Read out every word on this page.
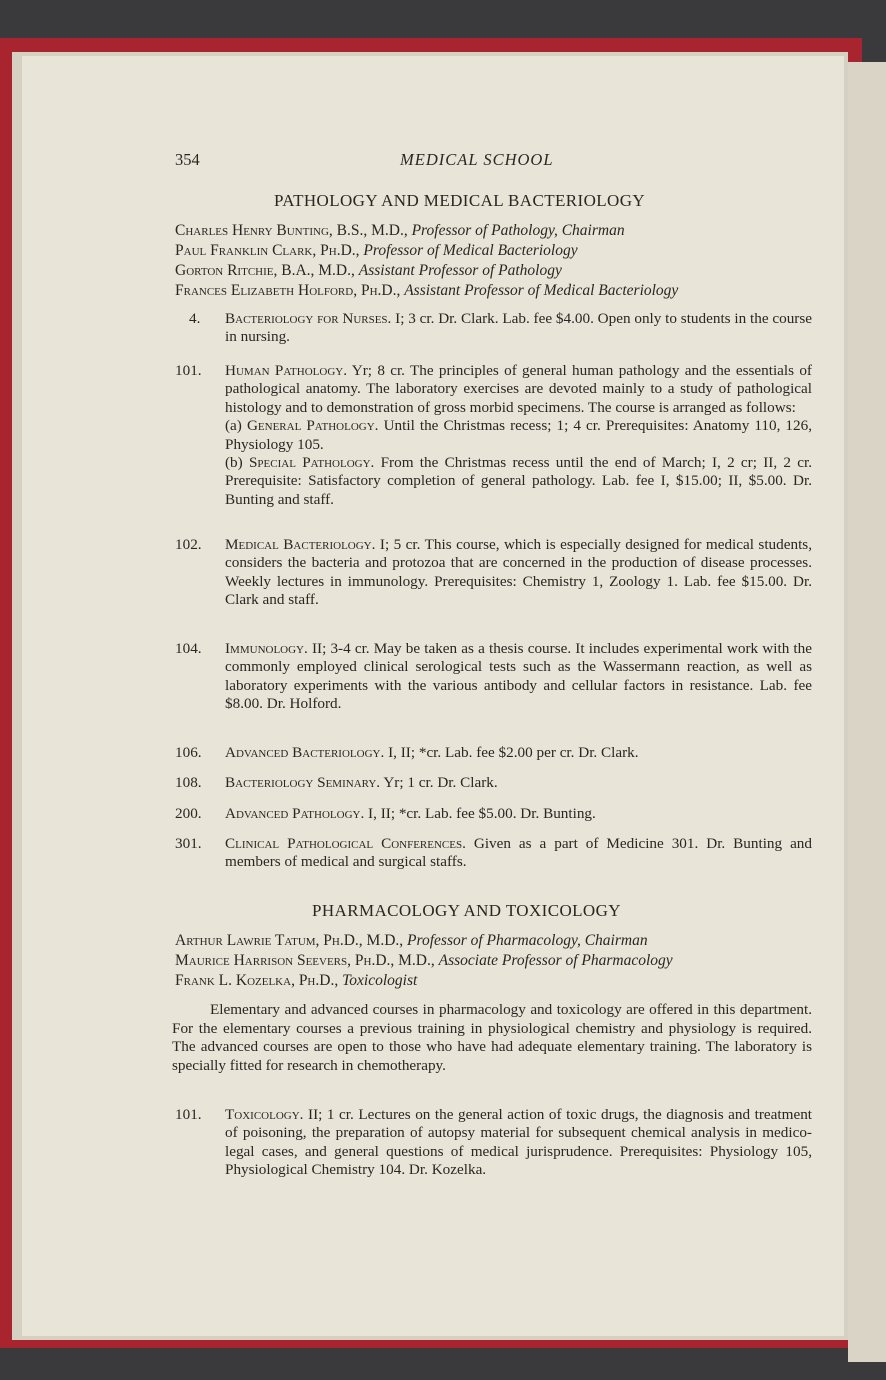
354	MEDICAL SCHOOL
PATHOLOGY AND MEDICAL BACTERIOLOGY
Charles Henry Bunting, B.S., M.D., Professor of Pathology, Chairman
Paul Franklin Clark, Ph.D., Professor of Medical Bacteriology
Gorton Ritchie, B.A., M.D., Assistant Professor of Pathology
Frances Elizabeth Holford, Ph.D., Assistant Professor of Medical Bacteriology
4. Bacteriology for Nurses. I; 3 cr. Dr. Clark. Lab. fee $4.00. Open only to students in the course in nursing.
101. Human Pathology. Yr; 8 cr. The principles of general human pathology and the essentials of pathological anatomy. The laboratory exercises are devoted mainly to a study of pathological histology and to demonstration of gross morbid specimens. The course is arranged as follows:

(a) General Pathology. Until the Christmas recess; 1; 4 cr. Prerequisites: Anatomy 110, 126, Physiology 105.

(b) Special Pathology. From the Christmas recess until the end of March; I, 2 cr; II, 2 cr. Prerequisite: Satisfactory completion of general pathology. Lab. fee I, $15.00; II, $5.00. Dr. Bunting and staff.

102. Medical Bacteriology. I; 5 cr. This course, which is especially designed for medical students, considers the bacteria and protozoa that are concerned in the production of disease processes. Weekly lectures in immunology. Prerequisites: Chemistry 1, Zoology 1. Lab. fee $15.00. Dr. Clark and staff.
104. Immunology. II; 3-4 cr. May be taken as a thesis course. It includes experimental work with the commonly employed clinical serological tests such as the Wassermann reaction, as well as laboratory experiments with the various antibody and cellular factors in resistance. Lab. fee $8.00. Dr. Holford.
106. Advanced Bacteriology. I, II; *cr. Lab. fee $2.00 per cr. Dr. Clark.
108. Bacteriology Seminary. Yr; 1 cr. Dr. Clark.
200. Advanced Pathology. I, II; *cr. Lab. fee $5.00. Dr. Bunting.
301. Clinical Pathological Conferences. Given as a part of Medicine 301. Dr. Bunting and members of medical and surgical staffs.
PHARMACOLOGY AND TOXICOLOGY
Arthur Lawrie Tatum, Ph.D., M.D., Professor of Pharmacology, Chairman
Maurice Harrison Seevers, Ph.D., M.D., Associate Professor of Pharmacology
Frank L. Kozelka, Ph.D., Toxicologist
Elementary and advanced courses in pharmacology and toxicology are offered in this department. For the elementary courses a previous training in physiological chemistry and physiology is required. The advanced courses are open to those who have had adequate elementary training. The laboratory is specially fitted for research in chemotherapy.
101. Toxicology. II; 1 cr. Lectures on the general action of toxic drugs, the diagnosis and treatment of poisoning, the preparation of autopsy material for subsequent chemical analysis in medico-legal cases, and general questions of medical jurisprudence. Prerequisites: Physiology 105, Physiological Chemistry 104. Dr. Kozelka.
